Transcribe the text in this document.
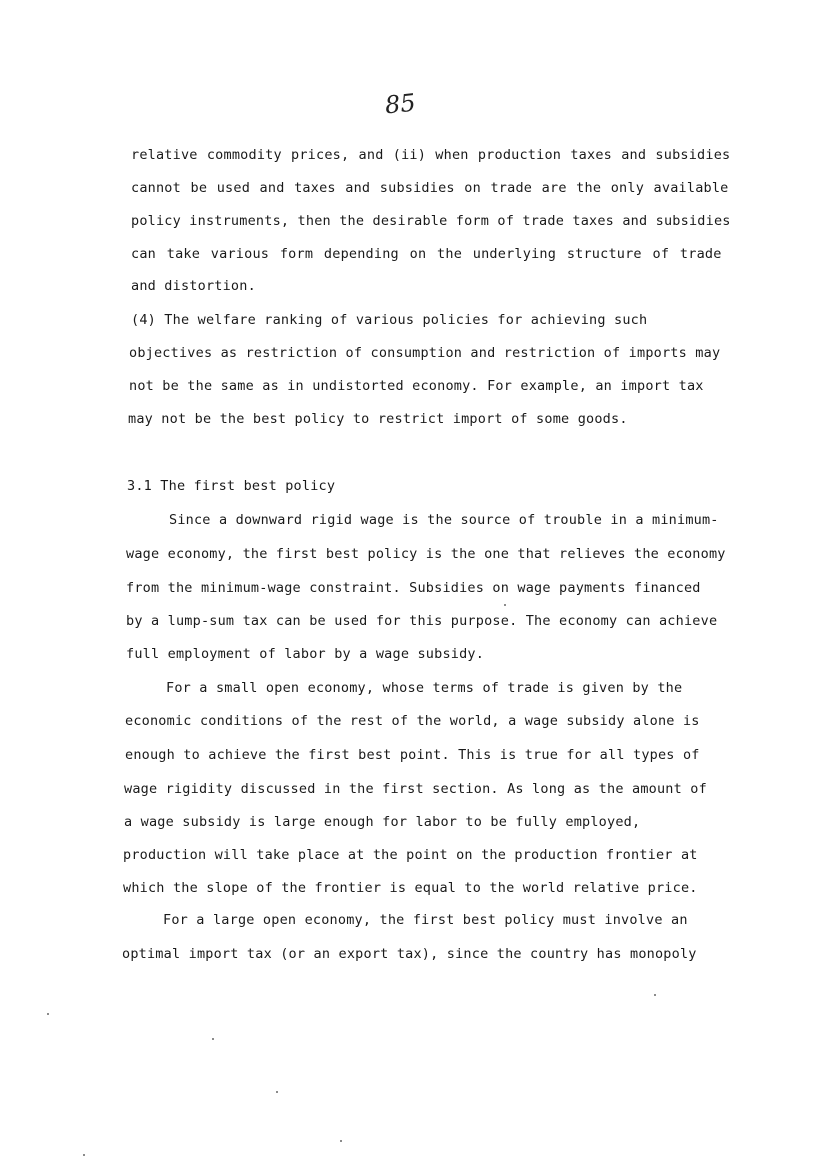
85
relative commodity prices, and (ii) when production taxes and subsidies
cannot be used and taxes and subsidies on trade are the only available
policy instruments, then the desirable form of trade taxes and subsidies
can take various form depending on the underlying structure of trade
and distortion.
(4) The welfare ranking of various policies for achieving such
objectives as restriction of consumption and restriction of imports may
not be the same as in undistorted economy. For example, an import tax
may not be the best policy to restrict import of some goods.
3.1 The first best policy
Since a downward rigid wage is the source of trouble in a minimum-
wage economy, the first best policy is the one that relieves the economy
from the minimum-wage constraint. Subsidies on wage payments financed
by a lump-sum tax can be used for this purpose. The economy can achieve
full employment of labor by a wage subsidy.
For a small open economy, whose terms of trade is given by the
economic conditions of the rest of the world, a wage subsidy alone is
enough to achieve the first best point. This is true for all types of
wage rigidity discussed in the first section. As long as the amount of
a wage subsidy is large enough for labor to be fully employed,
production will take place at the point on the production frontier at
which the slope of the frontier is equal to the world relative price.
For a large open economy, the first best policy must involve an
optimal import tax (or an export tax), since the country has monopoly
